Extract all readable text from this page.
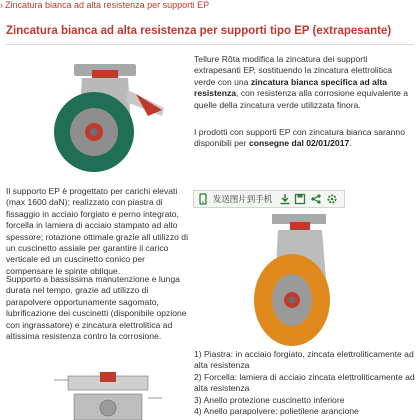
› Zincatura bianca ad alta resistenza per supporti EP
Zincatura bianca ad alta resistenza per supporti tipo EP (extrapesante)
Tellure Rôta modifica la zincatura dei supporti extrapesanti EP, sostituendo la zincatura elettrolitica verde con una zincatura bianca specifica ad alta resistenza, con resistenza alla corrosione equivalente a quelle della zincatura verde utilizzata finora.
I prodotti con supporti EP con zincatura bianca saranno disponibili per consegne dal 02/01/2017.
Il supporto EP è progettato per carichi elevati (max 1600 daN); realizzato con piastra di fissaggio in acciaio forgiato e perno integrato, forcella in lamiera di acciaio stampato ad alto spessore; rotazione ottimale grazie all utilizzo di un cuscinetto assiale per garantire il carico verticale ed un cuscinetto conico per compensare le spinte oblique.
Supporto a bassissima manutenzione e lunga durata nel tempo, grazie ad utilizzo di parapolvere opportunamente sagomato, lubrificazione dei cuscinetti (disponibile opzione con ingrassatore) e zincatura elettrolitica ad altissima resistenza contro la corrosione.
发送图片到手机
1) Piastra: in acciaio forgiato, zincata elettroliticamente ad alta resistenza
2) Forcella: lamiera di acciaio zincata elettroliticamente ad alta resistenza
3) Anello protezione cuscinetto inferiore
4) Anello parapolvere: polietilene arancione
